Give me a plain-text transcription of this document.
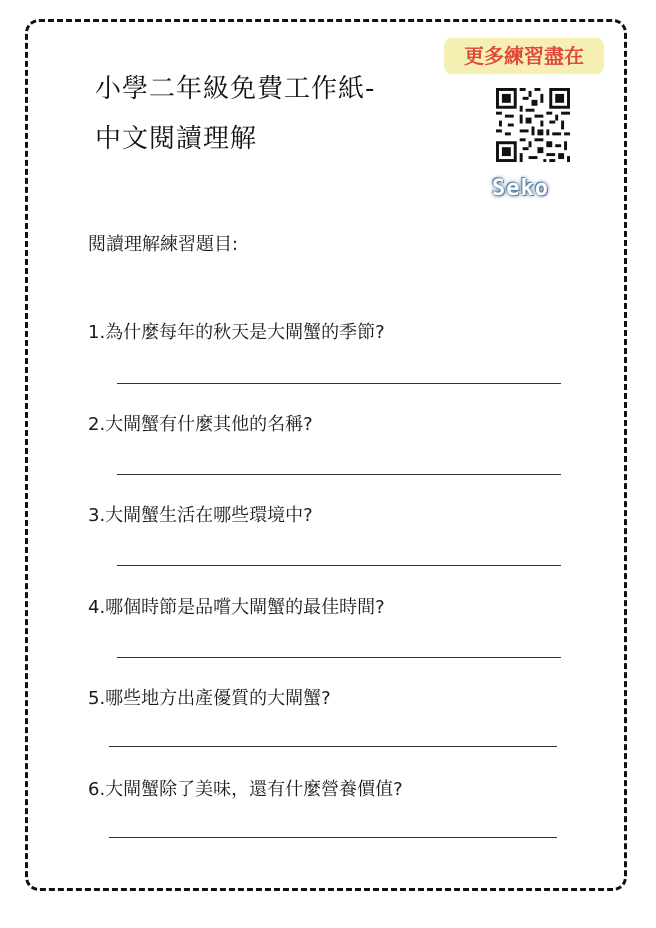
小學二年級免費工作紙-
中文閱讀理解
更多練習盡在
Seko
閱讀理解練習題目:
1.為什麼每年的秋天是大閘蟹的季節?
2.大閘蟹有什麼其他的名稱?
3.大閘蟹生活在哪些環境中?
4.哪個時節是品嚐大閘蟹的最佳時間?
5.哪些地方出產優質的大閘蟹?
6.大閘蟹除了美味，還有什麼營養價值?
